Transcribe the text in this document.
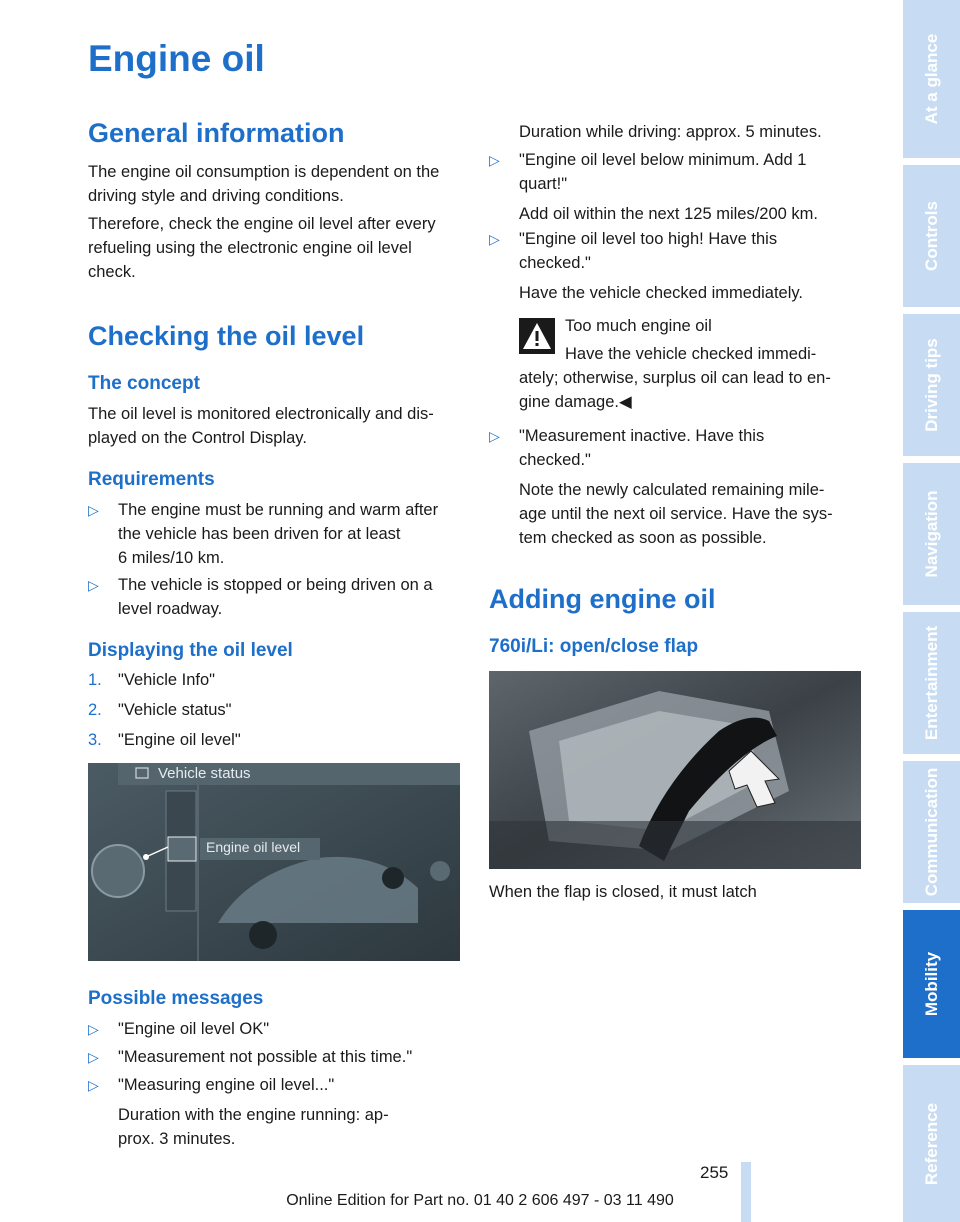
Engine oil
General information
The engine oil consumption is dependent on the
driving style and driving conditions.
Therefore, check the engine oil level after every
refueling using the electronic engine oil level
check.
Checking the oil level
The concept
The oil level is monitored electronically and dis-
played on the Control Display.
Requirements
▷ The engine must be running and warm after
the vehicle has been driven for at least
6 miles/10 km.
▷ The vehicle is stopped or being driven on a
level roadway.
Displaying the oil level
1. "Vehicle Info"
2. "Vehicle status"
3. "Engine oil level"
Vehicle status
Engine oil level
Possible messages
▷ "Engine oil level OK"
▷ "Measurement not possible at this time."
▷ "Measuring engine oil level..."
Duration with the engine running: ap-
prox. 3 minutes.
Duration while driving: approx. 5 minutes.
▷ "Engine oil level below minimum. Add 1
quart!"
Add oil within the next 125 miles/200 km.
▷ "Engine oil level too high! Have this
checked."
Have the vehicle checked immediately.
Too much engine oil
Have the vehicle checked immedi-
ately; otherwise, surplus oil can lead to en-
gine damage.◀
▷ "Measurement inactive. Have this
checked."
Note the newly calculated remaining mile-
age until the next oil service. Have the sys-
tem checked as soon as possible.
Adding engine oil
760i/Li: open/close flap
When the flap is closed, it must latch
At a glance
Controls
Driving tips
Navigation
Entertainment
Communication
Mobility
Reference
255
Online Edition for Part no. 01 40 2 606 497 - 03 11 490
